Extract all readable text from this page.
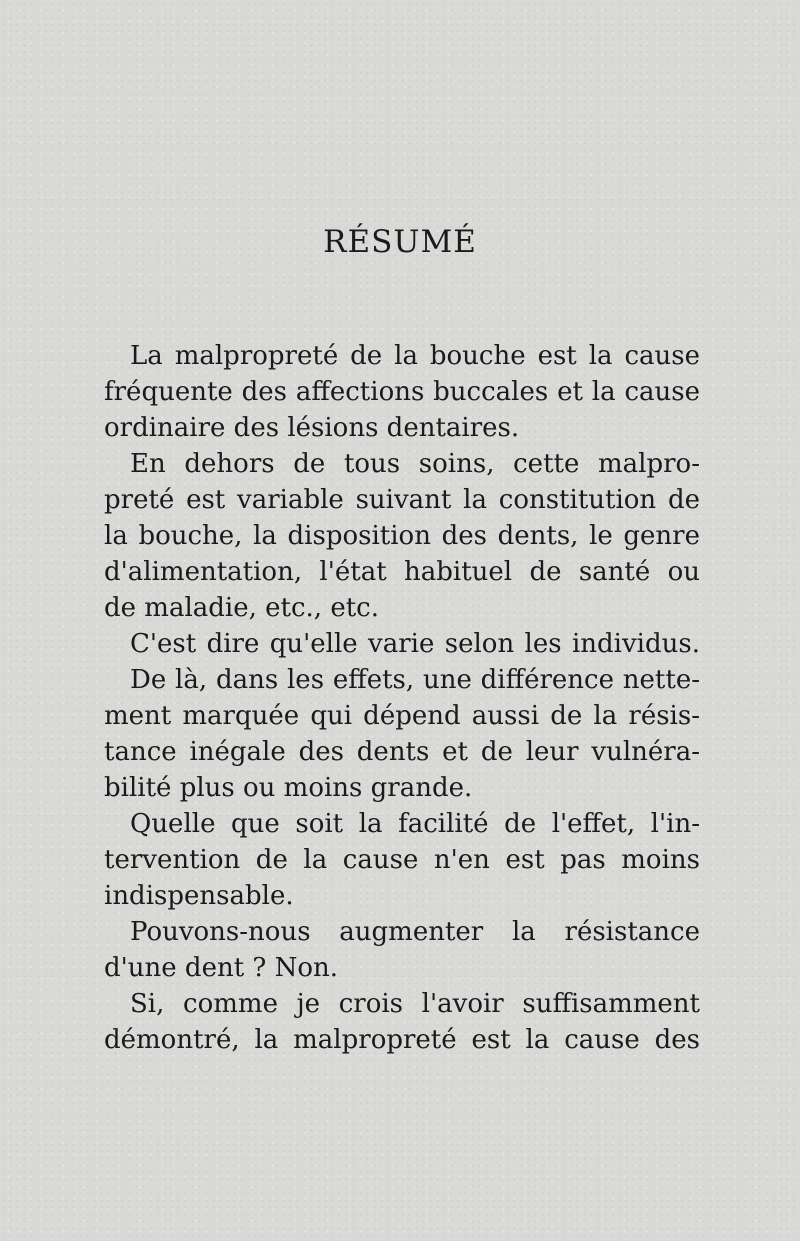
RÉSUMÉ

La malpropreté de la bouche est la cause
fréquente des affections buccales et la cause
ordinaire des lésions dentaires.

En dehors de tous soins, cette malpro-
preté est variable suivant la constitution de
la bouche, la disposition des dents, le genre
d'alimentation, l'état habituel de santé ou
de maladie, etc., etc.

C'est dire qu'elle varie selon les individus.

De là, dans les effets, une différence nette-
ment marquée qui dépend aussi de la résis-
tance inégale des dents et de leur vulnéra-
bilité plus ou moins grande.

Quelle que soit la facilité de l'effet, l'in-
tervention de la cause n'en est pas moins
indispensable.

Pouvons-nous augmenter la résistance
d'une dent ? Non.

Si, comme je crois l'avoir suffisamment
démontré, la malpropreté est la cause des
